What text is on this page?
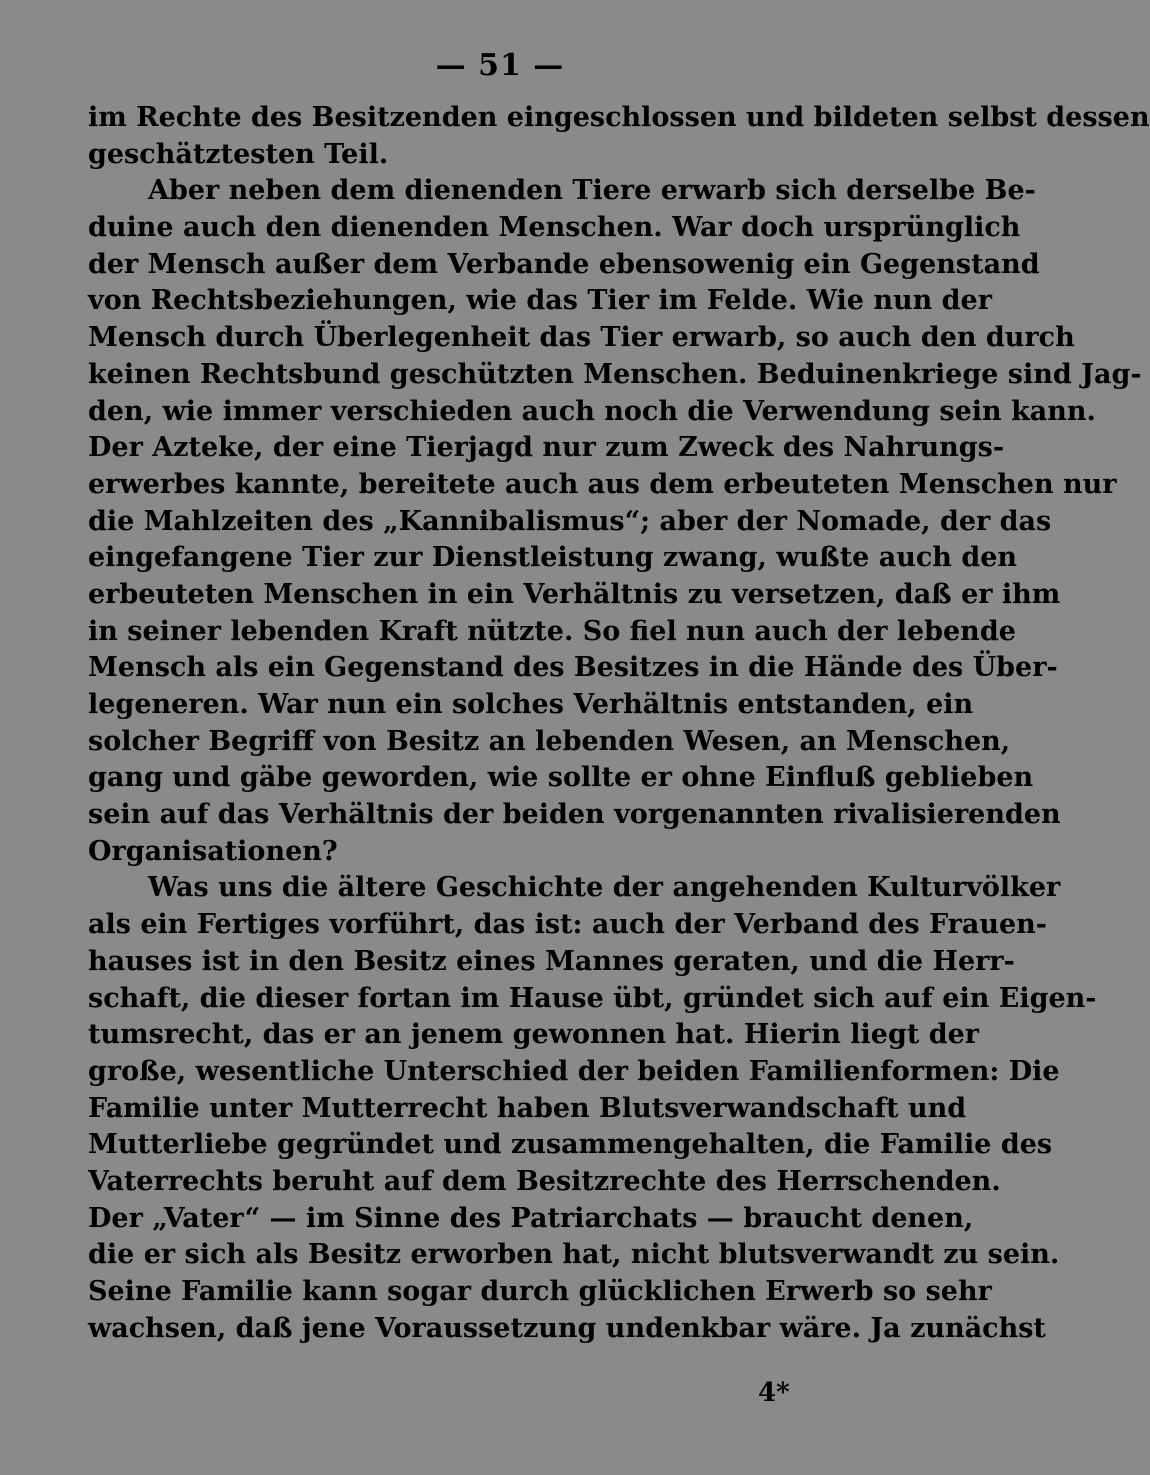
— 51 —
im Rechte des Besitzenden eingeschlossen und bildeten selbst dessen
geschätztesten Teil.
Aber neben dem dienenden Tiere erwarb sich derselbe Be-
duine auch den dienenden Menschen. War doch ursprünglich
der Mensch außer dem Verbande ebensowenig ein Gegenstand
von Rechtsbeziehungen, wie das Tier im Felde. Wie nun der
Mensch durch Überlegenheit das Tier erwarb, so auch den durch
keinen Rechtsbund geschützten Menschen. Beduinenkriege sind Jag-
den, wie immer verschieden auch noch die Verwendung sein kann.
Der Azteke, der eine Tierjagd nur zum Zweck des Nahrungs-
erwerbes kannte, bereitete auch aus dem erbeuteten Menschen nur
die Mahlzeiten des „Kannibalismus“; aber der Nomade, der das
eingefangene Tier zur Dienstleistung zwang, wußte auch den
erbeuteten Menschen in ein Verhältnis zu versetzen, daß er ihm
in seiner lebenden Kraft nützte. So fiel nun auch der lebende
Mensch als ein Gegenstand des Besitzes in die Hände des Über-
legeneren. War nun ein solches Verhältnis entstanden, ein
solcher Begriff von Besitz an lebenden Wesen, an Menschen,
gang und gäbe geworden, wie sollte er ohne Einfluß geblieben
sein auf das Verhältnis der beiden vorgenannten rivalisierenden
Organisationen?
Was uns die ältere Geschichte der angehenden Kulturvölker
als ein Fertiges vorführt, das ist: auch der Verband des Frauen-
hauses ist in den Besitz eines Mannes geraten, und die Herr-
schaft, die dieser fortan im Hause übt, gründet sich auf ein Eigen-
tumsrecht, das er an jenem gewonnen hat. Hierin liegt der
große, wesentliche Unterschied der beiden Familienformen: Die
Familie unter Mutterrecht haben Blutsverwandschaft und
Mutterliebe gegründet und zusammengehalten, die Familie des
Vaterrechts beruht auf dem Besitzrechte des Herrschenden.
Der „Vater“ — im Sinne des Patriarchats — braucht denen,
die er sich als Besitz erworben hat, nicht blutsverwandt zu sein.
Seine Familie kann sogar durch glücklichen Erwerb so sehr
wachsen, daß jene Voraussetzung undenkbar wäre. Ja zunächst
4*
